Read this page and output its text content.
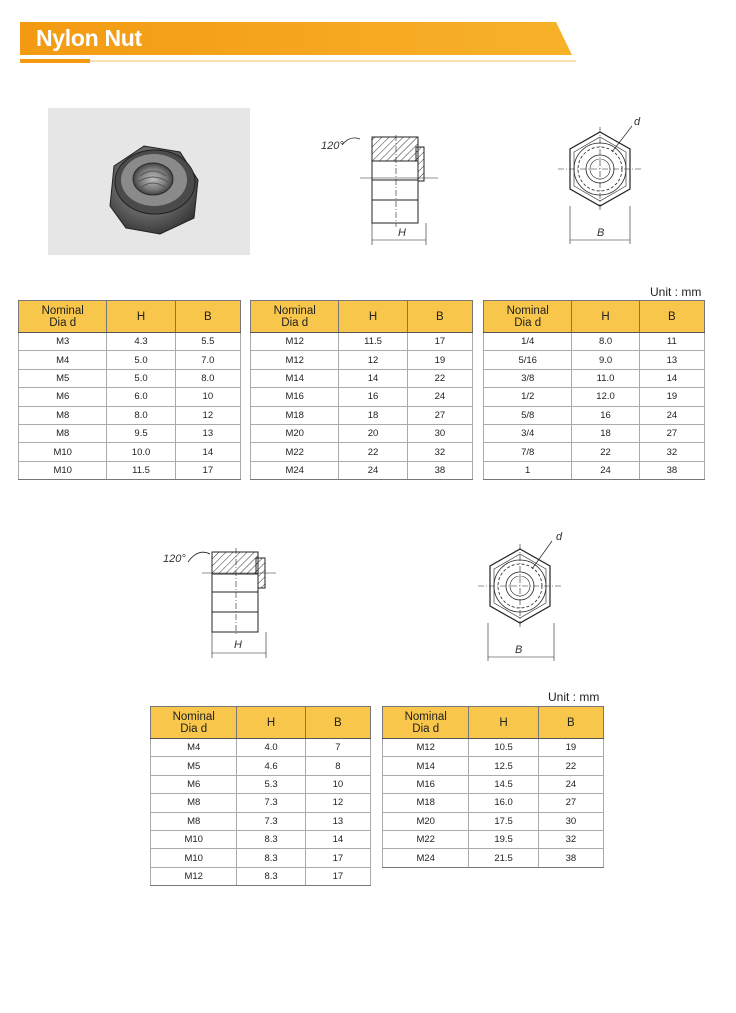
Nylon Nut
120°
H
d
B
Unit : mm
Nominal
Dia d	H	B
M3	4.3	5.5
M4	5.0	7.0
M5	5.0	8.0
M6	6.0	10
M8	8.0	12
M8	9.5	13
M10	10.0	14
M10	11.5	17
Nominal
Dia d	H	B
M12	11.5	17
M12	12	19
M14	14	22
M16	16	24
M18	18	27
M20	20	30
M22	22	32
M24	24	38
Nominal
Dia d	H	B
1/4	8.0	11
5/16	9.0	13
3/8	11.0	14
1/2	12.0	19
5/8	16	24
3/4	18	27
7/8	22	32
1	24	38
120°
H
d
B
Unit : mm
Nominal
Dia d	H	B
M4	4.0	7
M5	4.6	8
M6	5.3	10
M8	7.3	12
M8	7.3	13
M10	8.3	14
M10	8.3	17
M12	8.3	17
Nominal
Dia d	H	B
M12	10.5	19
M14	12.5	22
M16	14.5	24
M18	16.0	27
M20	17.5	30
M22	19.5	32
M24	21.5	38
